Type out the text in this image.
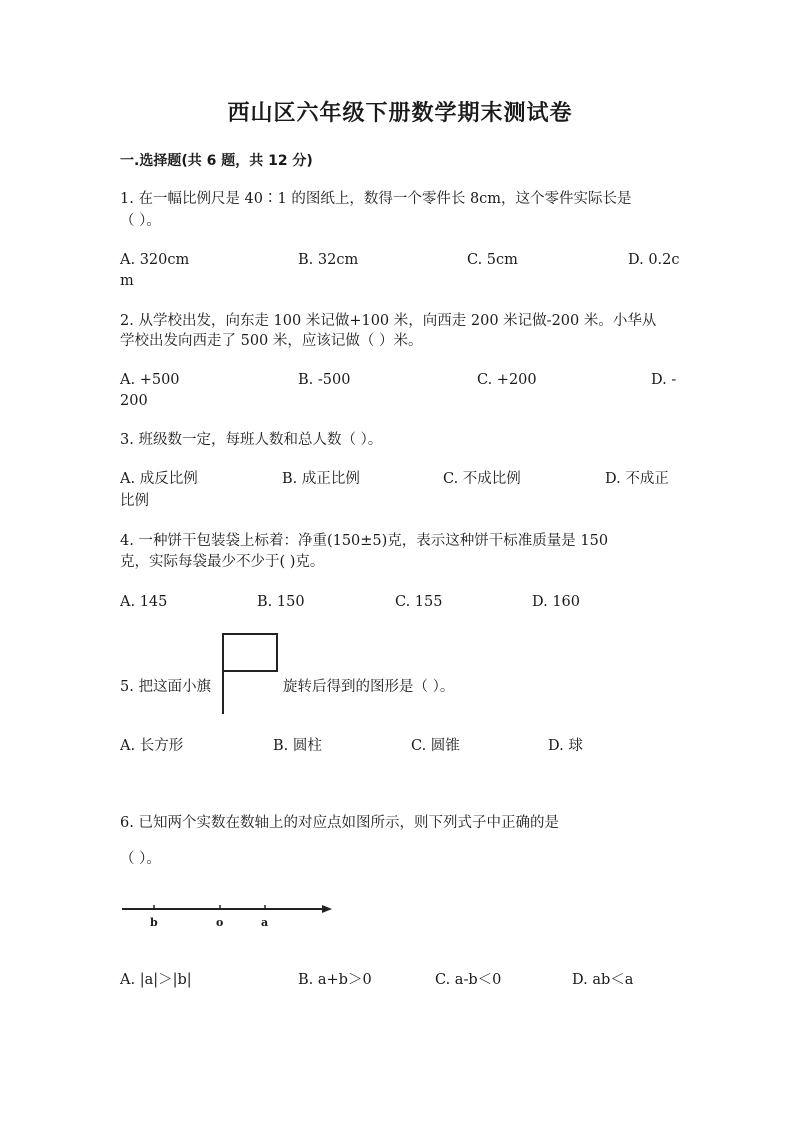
西山区六年级下册数学期末测试卷
一.选择题(共 6 题，共 12 分)
1. 在一幅比例尺是 40∶1 的图纸上，数得一个零件长 8cm，这个零件实际长是
（ ）。
A. 320cm	B. 32cm	C. 5cm	D. 0.2c
m
2. 从学校出发，向东走 100 米记做+100 米，向西走 200 米记做-200 米。小华从
学校出发向西走了 500 米，应该记做（ ）米。
A. +500	B. -500	C. +200	D. -
200
3. 班级数一定，每班人数和总人数（ ）。
A. 成反比例	B. 成正比例	C. 不成比例	D. 不成正
比例
4. 一种饼干包装袋上标着：净重(150±5)克，表示这种饼干标准质量是 150
克，实际每袋最少不少于( )克。
A. 145	B. 150	C. 155	D. 160
5. 把这面小旗	旋转后得到的图形是（ ）。
A. 长方形	B. 圆柱	C. 圆锥	D. 球
6. 已知两个实数在数轴上的对应点如图所示，则下列式子中正确的是
（ ）。
b	o	a
A. |a|＞|b|	B. a+b＞0	C. a-b＜0	D. ab＜a
